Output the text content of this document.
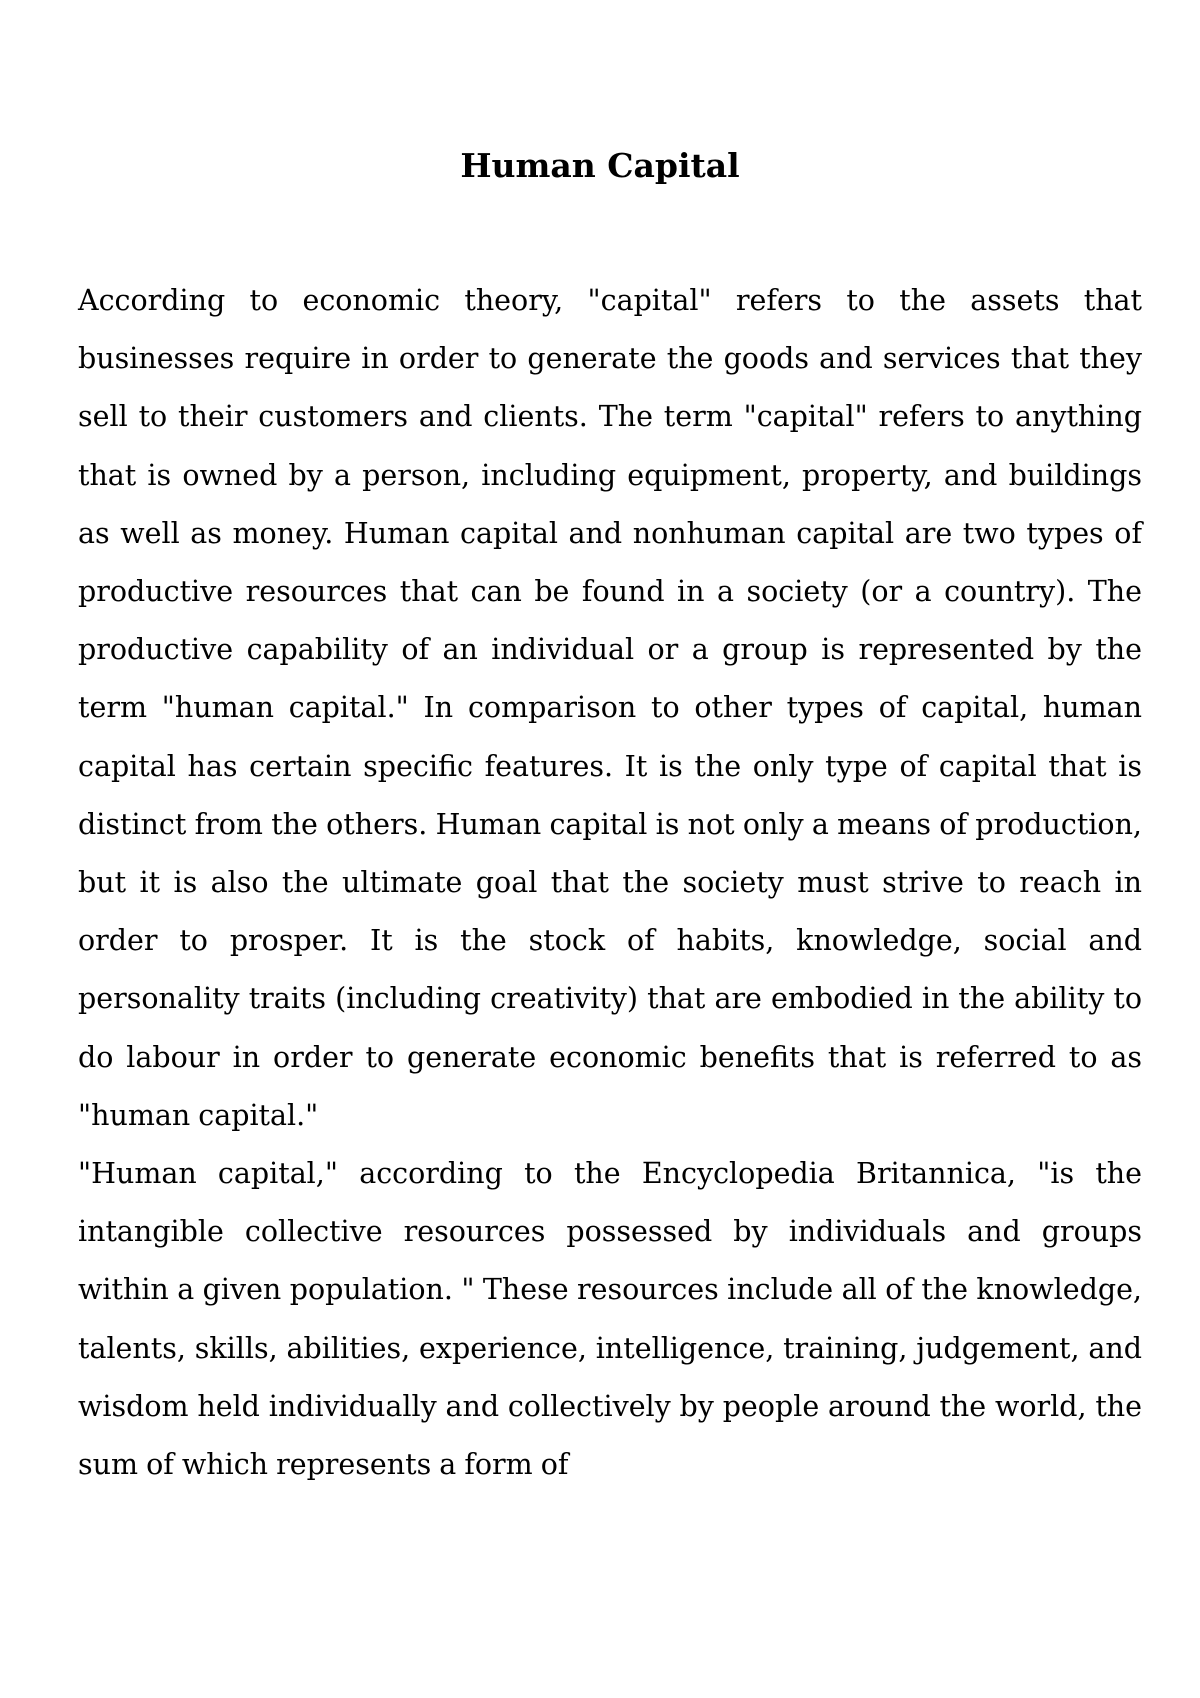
Human Capital

According to economic theory, "capital" refers to the assets that businesses require in order to generate the goods and services that they sell to their customers and clients. The term "capital" refers to anything that is owned by a person, including equipment, property, and buildings as well as money. Human capital and nonhuman capital are two types of productive resources that can be found in a society (or a country). The productive capability of an individual or a group is represented by the term "human capital." In comparison to other types of capital, human capital has certain specific features. It is the only type of capital that is distinct from the others. Human capital is not only a means of production, but it is also the ultimate goal that the society must strive to reach in order to prosper. It is the stock of habits, knowledge, social and personality traits (including creativity) that are embodied in the ability to do labour in order to generate economic benefits that is referred to as "human capital."

"Human capital," according to the Encyclopedia Britannica, "is the intangible collective resources possessed by individuals and groups within a given population. " These resources include all of the knowledge, talents, skills, abilities, experience, intelligence, training, judgement, and wisdom held individually and collectively by people around the world, the sum of which represents a form of
